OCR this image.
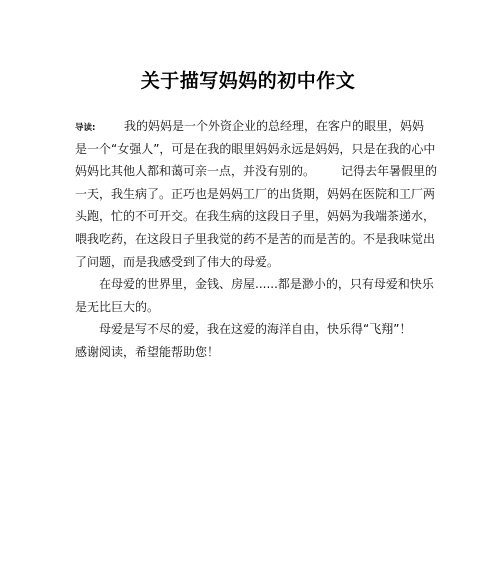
关于描写妈妈的初中作文
导读: 我的妈妈是一个外资企业的总经理，在客户的眼里，妈妈
是一个“女强人”，可是在我的眼里妈妈永远是妈妈，只是在我的心中
妈妈比其他人都和蔼可亲一点，并没有别的。 记得去年暑假里的
一天，我生病了。正巧也是妈妈工厂的出货期，妈妈在医院和工厂两
头跑，忙的不可开交。在我生病的这段日子里，妈妈为我端茶递水，
喂我吃药，在这段日子里我觉的药不是苦的而是苦的。不是我味觉出
了问题，而是我感受到了伟大的母爱。
在母爱的世界里，金钱、房屋......都是渺小的，只有母爱和快乐
是无比巨大的。
母爱是写不尽的爱，我在这爱的海洋自由，快乐得“飞翔”！
感谢阅读，希望能帮助您！
